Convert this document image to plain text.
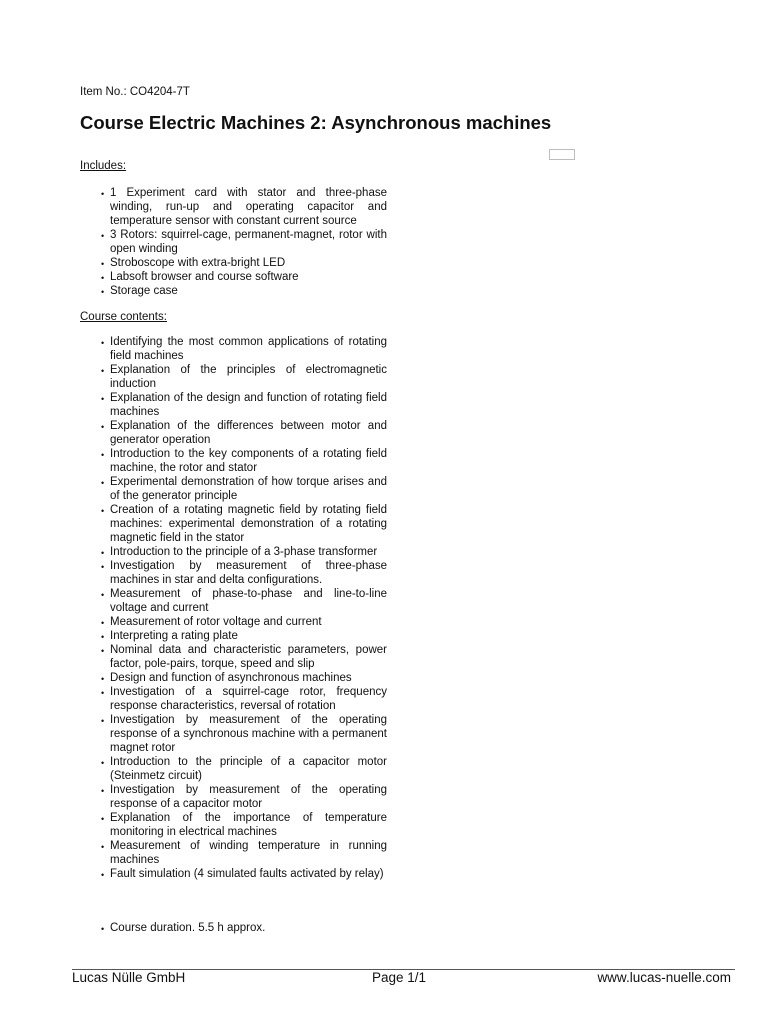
Item No.: CO4204-7T
Course Electric Machines 2: Asynchronous machines
Includes:
• 1 Experiment card with stator and three-phase winding, run-up and operating capacitor and temperature sensor with constant current source
• 3 Rotors: squirrel-cage, permanent-magnet, rotor with open winding
• Stroboscope with extra-bright LED
• Labsoft browser and course software
• Storage case
Course contents:
• Identifying the most common applications of rotating field machines
• Explanation of the principles of electromagnetic induction
• Explanation of the design and function of rotating field machines
• Explanation of the differences between motor and generator operation
• Introduction to the key components of a rotating field machine, the rotor and stator
• Experimental demonstration of how torque arises and of the generator principle
• Creation of a rotating magnetic field by rotating field machines: experimental demonstration of a rotating magnetic field in the stator
• Introduction to the principle of a 3-phase transformer
• Investigation by measurement of three-phase machines in star and delta configurations.
• Measurement of phase-to-phase and line-to-line voltage and current
• Measurement of rotor voltage and current
• Interpreting a rating plate
• Nominal data and characteristic parameters, power factor, pole-pairs, torque, speed and slip
• Design and function of asynchronous machines
• Investigation of a squirrel-cage rotor, frequency response characteristics, reversal of rotation
• Investigation by measurement of the operating response of a synchronous machine with a permanent magnet rotor
• Introduction to the principle of a capacitor motor (Steinmetz circuit)
• Investigation by measurement of the operating response of a capacitor motor
• Explanation of the importance of temperature monitoring in electrical machines
• Measurement of winding temperature in running machines
• Fault simulation (4 simulated faults activated by relay)
• Course duration. 5.5 h approx.
Lucas Nülle GmbH	Page 1/1	www.lucas-nuelle.com
